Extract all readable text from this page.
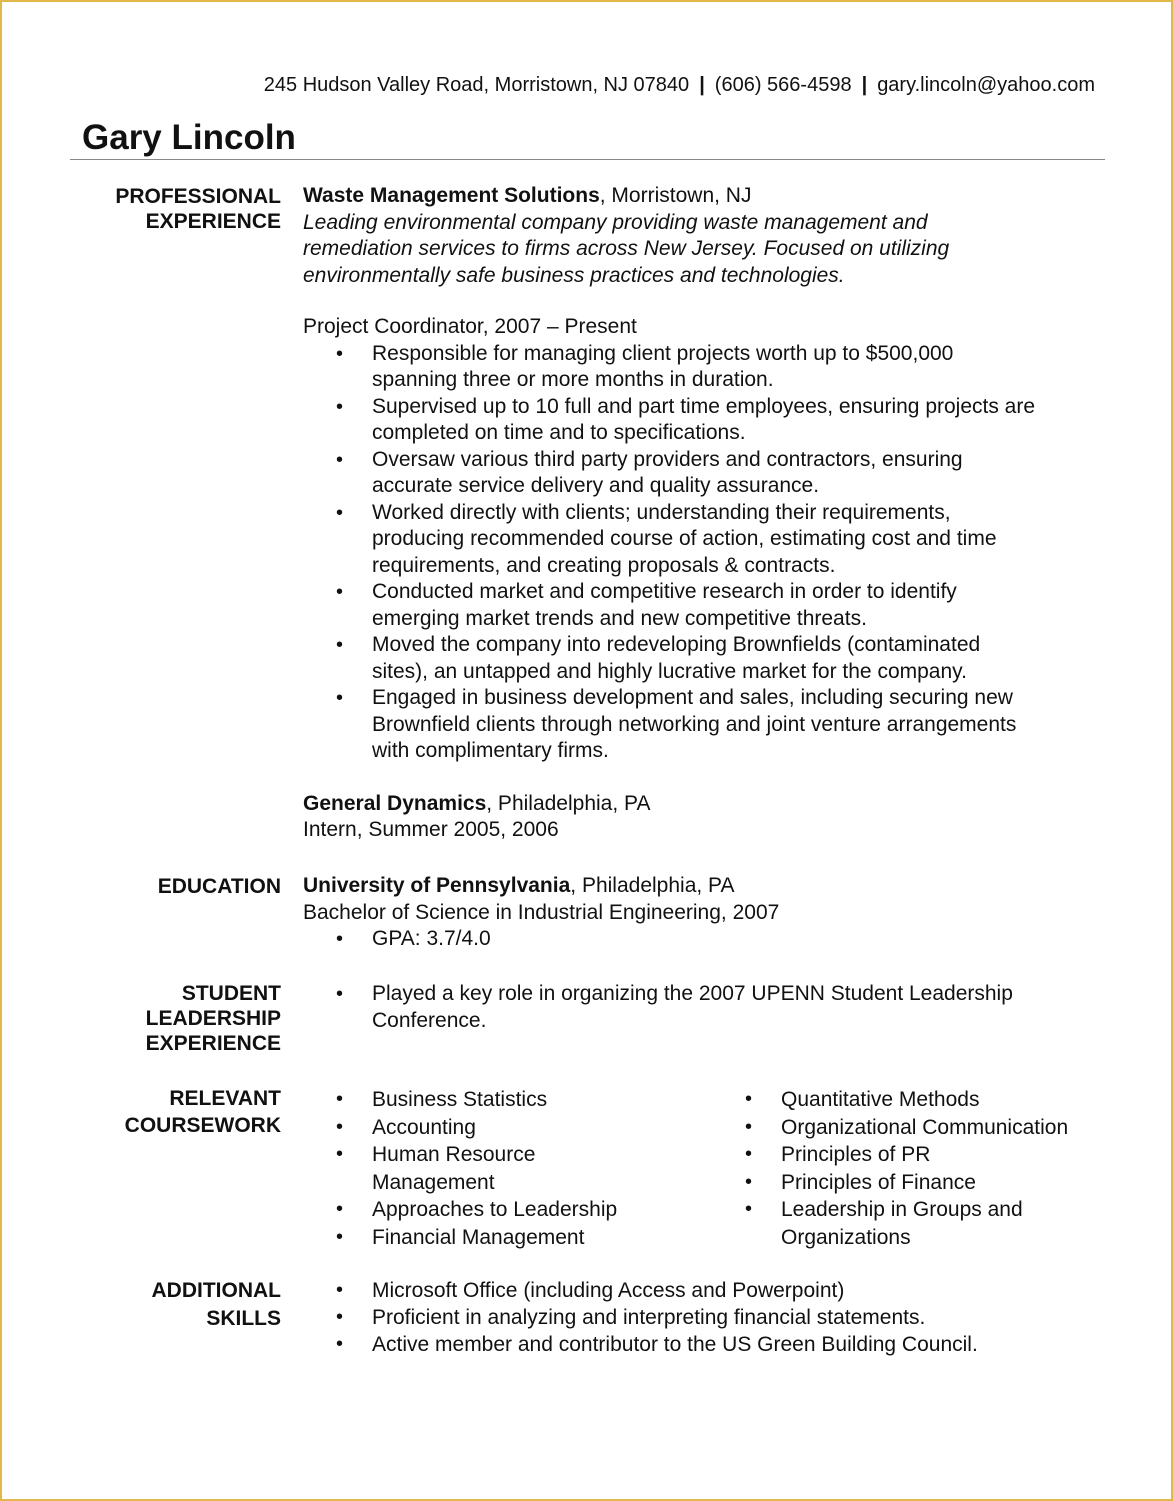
245 Hudson Valley Road, Morristown, NJ 07840 | (606) 566-4598 | gary.lincoln@yahoo.com
Gary Lincoln
PROFESSIONAL
EXPERIENCE
Waste Management Solutions, Morristown, NJ
Leading environmental company providing waste management and
remediation services to firms across New Jersey. Focused on utilizing
environmentally safe business practices and technologies.
Project Coordinator, 2007 – Present
• Responsible for managing client projects worth up to $500,000
spanning three or more months in duration.
• Supervised up to 10 full and part time employees, ensuring projects are
completed on time and to specifications.
• Oversaw various third party providers and contractors, ensuring
accurate service delivery and quality assurance.
• Worked directly with clients; understanding their requirements,
producing recommended course of action, estimating cost and time
requirements, and creating proposals & contracts.
• Conducted market and competitive research in order to identify
emerging market trends and new competitive threats.
• Moved the company into redeveloping Brownfields (contaminated
sites), an untapped and highly lucrative market for the company.
• Engaged in business development and sales, including securing new
Brownfield clients through networking and joint venture arrangements
with complimentary firms.
General Dynamics, Philadelphia, PA
Intern, Summer 2005, 2006
EDUCATION University of Pennsylvania, Philadelphia, PA
Bachelor of Science in Industrial Engineering, 2007
• GPA: 3.7/4.0
STUDENT
LEADERSHIP
EXPERIENCE
• Played a key role in organizing the 2007 UPENN Student Leadership
Conference.
RELEVANT
COURSEWORK
• Business Statistics
• Accounting
• Human Resource
Management
• Approaches to Leadership
• Financial Management
• Quantitative Methods
• Organizational Communication
• Principles of PR
• Principles of Finance
• Leadership in Groups and
Organizations
ADDITIONAL
SKILLS
• Microsoft Office (including Access and Powerpoint)
• Proficient in analyzing and interpreting financial statements.
• Active member and contributor to the US Green Building Council.
